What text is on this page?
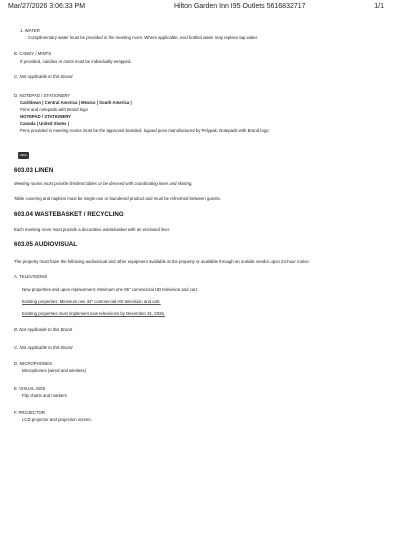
Mar/27/2026 3:06:33 PM	Hilton Garden Inn I95 Outlets 5616832717	1/1
1. WATER
Complimentary water must be provided in the meeting room. Where applicable, iced bottled water may replace tap water.
B. CANDY / MINTS
If provided, candies or mints must be individually-wrapped.
C. Not Applicable to this Brand
D. NOTEPAD / STATIONERY
Caribbean | Central America | Mexico | South America |
Pens and notepads with Brand logo
NOTEPAD / STATIONERY
Canada | United States |
Pens provided in meeting rooms must be the approved branded, logoed pens manufactured by Pelypak. Notepads with Brand logo:
Hilton
603.03 LINEN
Meeting rooms must provide finished tables or be dressed with coordinating linen and skirting.
Table covering and napkins must be single-use or laundered product and must be refreshed between guests.
603.04 WASTEBASKET / RECYCLING
Each meeting room must provide a decorative wastebasket with an enclosed liner.
603.05 AUDIOVISUAL
The property must have the following audiovisual and other equipment available at the property or available through an outside vendor upon 24-hour notice:
A. TELEVISIONS
New properties and upon replacement: Minimum one 55" commercial HD television and cart.
Existing properties: Minimum one 32" commercial HD television and cart.
Existing properties must implement new televisions by December 31, 2026.
B. Not Applicable to this Brand
C. Not Applicable to this Brand
D. MICROPHONES
Microphones (wired and wireless)
E. VISUAL AIDS
Flip charts and markers
F. PROJECTOR
LCD projector and projection screen.
